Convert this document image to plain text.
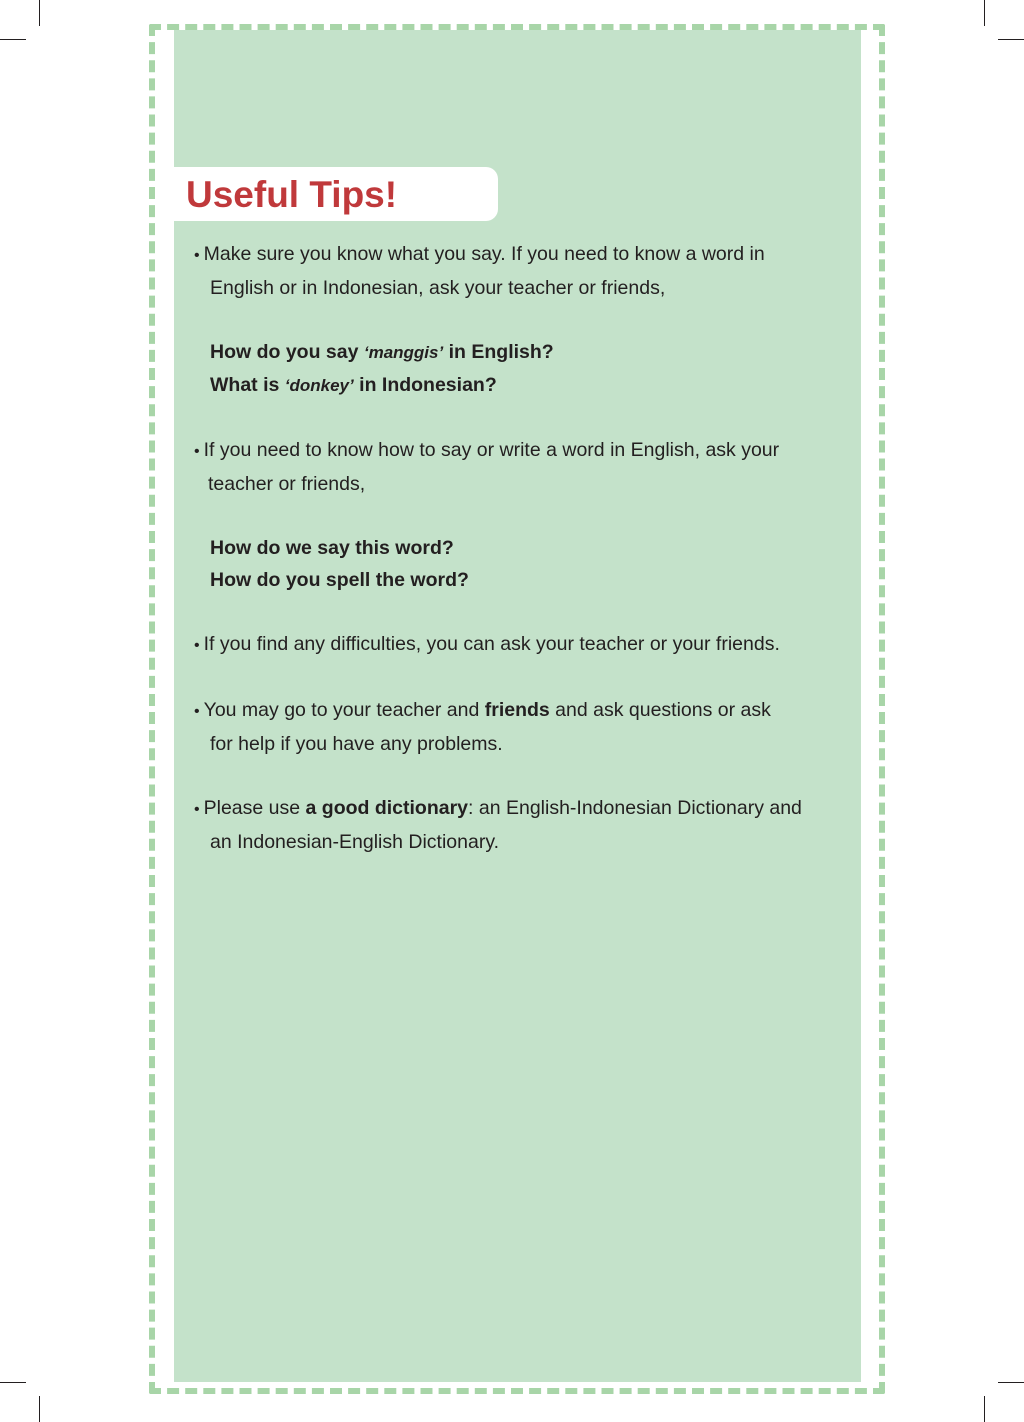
Useful Tips!
• Make sure you know what you say. If you need to know a word in
English or in Indonesian, ask your teacher or friends,
How do you say ‘manggis’ in English?
What is ‘donkey’ in Indonesian?
• If you need to know how to say or write a word in English, ask your
teacher or friends,
How do we say this word?
How do you spell the word?
• If you find any difficulties, you can ask your teacher or your friends.
• You may go to your teacher and friends and ask questions or ask
for help if you have any problems.
• Please use a good dictionary: an English-Indonesian Dictionary and
an Indonesian-English Dictionary.
